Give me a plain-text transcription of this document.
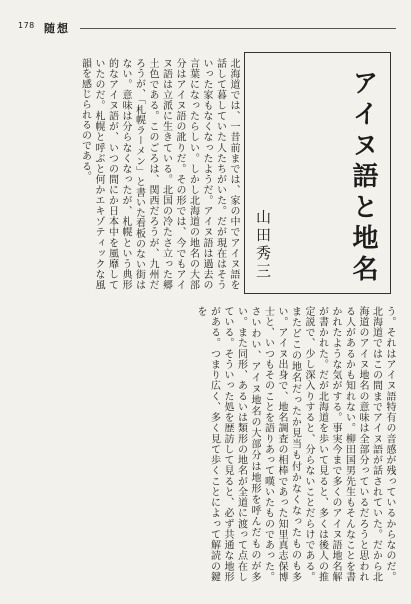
178 随想
アイヌ語と地名
山田秀三
北海道では、一昔前までは、家の中でアイヌ語を話して暮していた人たちがいた。だが現在はそういった家もなくなったようだ。アイヌ語は過去の言葉になったらしい。しかし北海道の地名の大部分はアイヌ語の訛りだ。その形では、今でもアイヌ語は立派に生きている。北国の冷たさ立った郷土色である。このごろは、関西だろうが、九州だろうが、「札幌ラーメン」と書いた看板のない街はない。意味は分らなくなったが、札幌という典形的なアイヌ語が、いつの間にか日本中を風靡していたのだ。札幌と呼ぶと何かエキゾティックな風韻を感じられるのである。
う。それはアイヌ語特有の音感が残っているからなのだ。北海道ではこの間までアイヌ語が話されていた。だから北海道のアイヌ地名の意味は全部分っているだろうと思われる人があるかも知れない。柳田国男先生もそんなことを書かれたような気がする。事実今まで多くのアイヌ語地名解が書かれた。だが北海道を歩いて見ると、多くは後人の推定説で、少し深入りすると、分らないことだらけである。またどこの地名だったか見当も付かなくなったものも多い。アイヌ出身で、地名調査の相棒であった知里真志保博士と、いつもそのことを語りあって嘆いたものであった。さいわい、アイヌ地名の大部分は地形を呼んだものが多い。また同形、あるいは類形の地名が全道に渡って点在している。そういった処を歴訪して見ると、必ず共通な地形がある。つまり広く、多く見て歩くことによって解読の鍵を
